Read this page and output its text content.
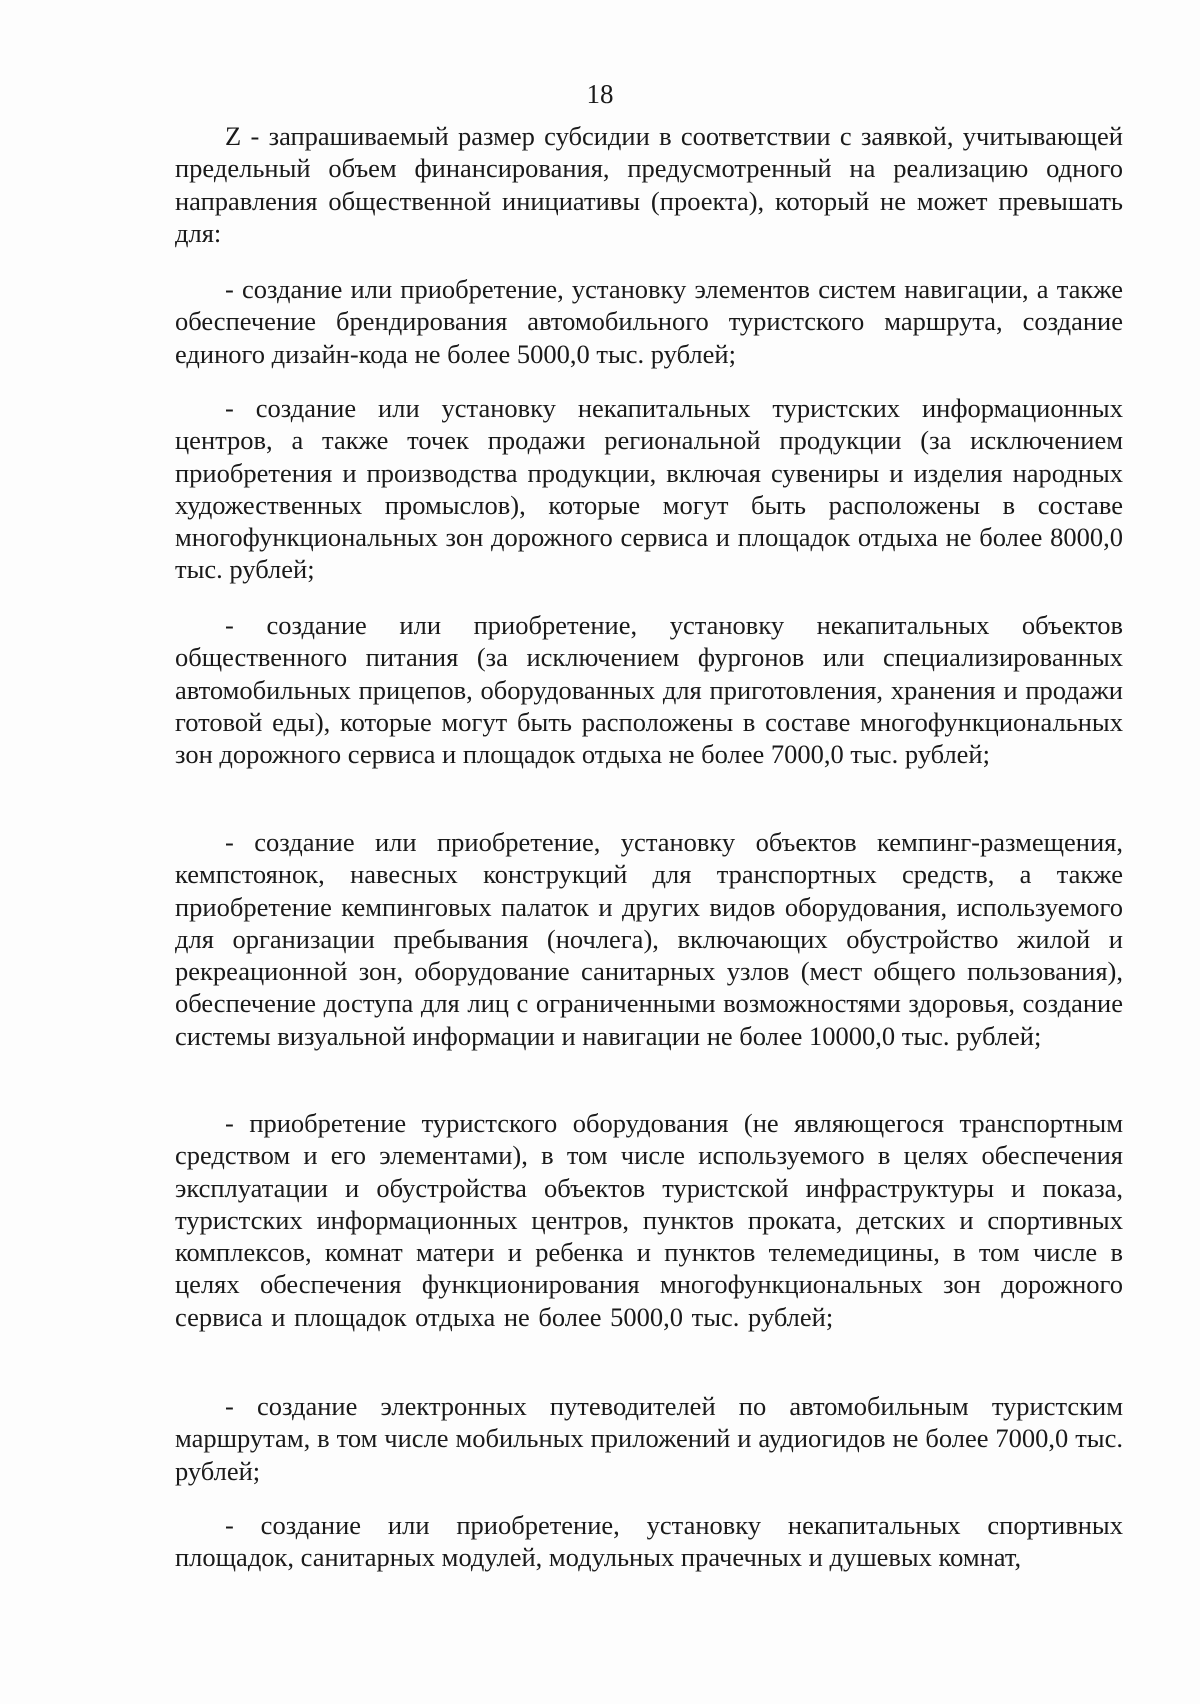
18

Z - запрашиваемый размер субсидии в соответствии с заявкой, учитывающей предельный объем финансирования, предусмотренный на реализацию одного направления общественной инициативы (проекта), который не может превышать для:

- создание или приобретение, установку элементов систем навигации, а также обеспечение брендирования автомобильного туристского маршрута, создание единого дизайн-кода не более 5000,0 тыс. рублей;

- создание или установку некапитальных туристских информационных центров, а также точек продажи региональной продукции (за исключением приобретения и производства продукции, включая сувениры и изделия народных художественных промыслов), которые могут быть расположены в составе многофункциональных зон дорожного сервиса и площадок отдыха не более 8000,0 тыс. рублей;

- создание или приобретение, установку некапитальных объектов общественного питания (за исключением фургонов или специализированных автомобильных прицепов, оборудованных для приготовления, хранения и продажи готовой еды), которые могут быть расположены в составе многофункциональных зон дорожного сервиса и площадок отдыха не более 7000,0 тыс. рублей;

- создание или приобретение, установку объектов кемпинг-размещения, кемпстоянок, навесных конструкций для транспортных средств, а также приобретение кемпинговых палаток и других видов оборудования, используемого для организации пребывания (ночлега), включающих обустройство жилой и рекреационной зон, оборудование санитарных узлов (мест общего пользования), обеспечение доступа для лиц с ограниченными возможностями здоровья, создание системы визуальной информации и навигации не более 10000,0 тыс. рублей;

- приобретение туристского оборудования (не являющегося транспортным средством и его элементами), в том числе используемого в целях обеспечения эксплуатации и обустройства объектов туристской инфраструктуры и показа, туристских информационных центров, пунктов проката, детских и спортивных комплексов, комнат матери и ребенка и пунктов телемедицины, в том числе в целях обеспечения функционирования многофункциональных зон дорожного сервиса и площадок отдыха не более 5000,0 тыс. рублей;

- создание электронных путеводителей по автомобильным туристским маршрутам, в том числе мобильных приложений и аудиогидов не более 7000,0 тыс. рублей;

- создание или приобретение, установку некапитальных спортивных площадок, санитарных модулей, модульных прачечных и душевых комнат,
